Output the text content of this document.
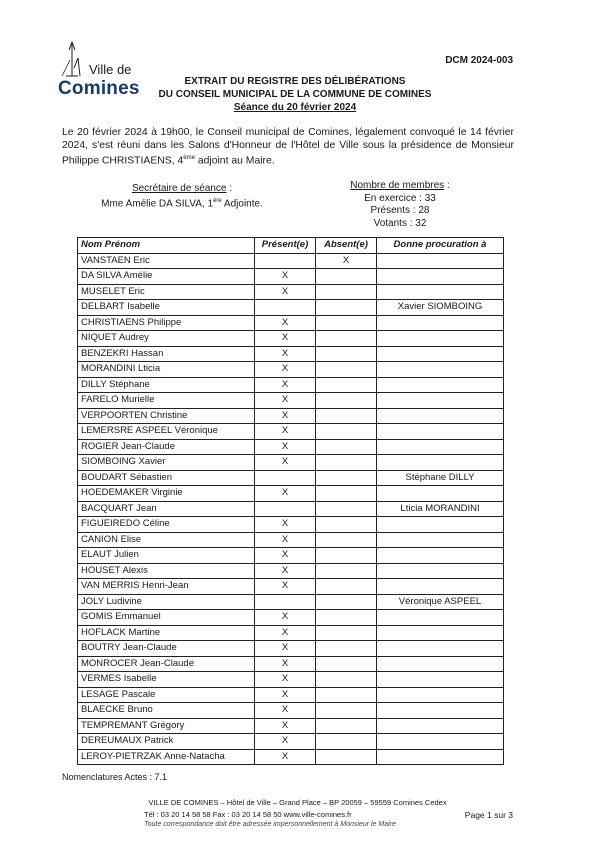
Ville de
Comines
DCM 2024-003
EXTRAIT DU REGISTRE DES DÉLIBÉRATIONS
DU CONSEIL MUNICIPAL DE LA COMMUNE DE COMINES
Séance du 20 février 2024
Le 20 février 2024 à 19h00, le Conseil municipal de Comines, légalement convoqué le 14 février 2024, s'est réuni dans les Salons d'Honneur de l'Hôtel de Ville sous la présidence de Monsieur Philippe CHRISTIAENS, 4ème adjoint au Maire.
Secrétaire de séance :
Mme Amélie DA SILVA, 1ère Adjointe.
Nombre de membres :
En exercice : 33
Présents : 28
Votants : 32
Nom Prénom	Présent(e)	Absent(e)	Donne procuration à
VANSTAEN Eric		X	
DA SILVA Amélie	X		
MUSELET Eric	X		
DELBART Isabelle			Xavier SIOMBOING
CHRISTIAENS Philippe	X		
NIQUET Audrey	X		
BENZEKRI Hassan	X		
MORANDINI Lticia	X		
DILLY Stéphane	X		
FARELO Murielle	X		
VERPOORTEN Christine	X		
LEMERSRE ASPEEL Véronique	X		
ROGIER Jean-Claude	X		
SIOMBOING Xavier	X		
BOUDART Sébastien			Stéphane DILLY
HOEDEMAKER Virginie	X		
BACQUART Jean			Lticia MORANDINI
FIGUEIREDO Céline	X		
CANION Elise	X		
ELAUT Julien	X		
HOUSET Alexis	X		
VAN MERRIS Henri-Jean	X		
JOLY Ludivine			Véronique ASPEEL
GOMIS Emmanuel	X		
HOFLACK Martine	X		
BOUTRY Jean-Claude	X		
MONROCER Jean-Claude	X		
VERMES Isabelle	X		
LESAGE Pascale	X		
BLAECKE Bruno	X		
TEMPREMANT Grégory	X		
DEREUMAUX Patrick	X		
LEROY-PIETRZAK Anne-Natacha	X		
Nomenclatures Actes : 7.1
VILLE DE COMINES – Hôtel de Ville – Grand Place – BP 20059 – 59559 Comines Cedex
Tél : 03 20 14 58 58 Fax : 03 20 14 58 50 www.ville-comines.fr
Toute correspondance doit être adressée impersonnellement à Monsieur le Maire
Page 1 sur 3
